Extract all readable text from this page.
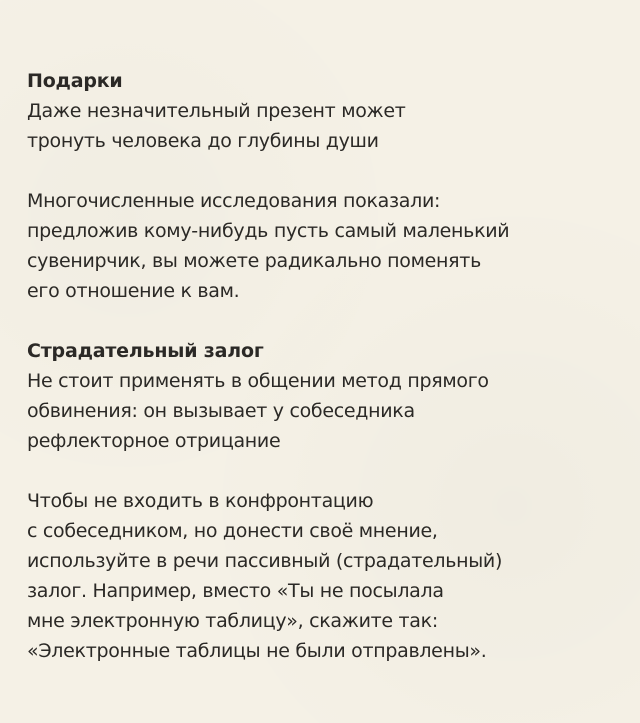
Подарки

Даже незначительный презент может
тронуть человека до глубины души

Многочисленные исследования показали:
предложив кому-нибудь пусть самый маленький
сувенирчик, вы можете радикально поменять
его отношение к вам.

Страдательный залог

Не стоит применять в общении метод прямого
обвинения: он вызывает у собеседника
рефлекторное отрицание

Чтобы не входить в конфронтацию
с собеседником, но донести своё мнение,
используйте в речи пассивный (страдательный)
залог. Например, вместо «Ты не посылала
мне электронную таблицу», скажите так:
«Электронные таблицы не были отправлены».
